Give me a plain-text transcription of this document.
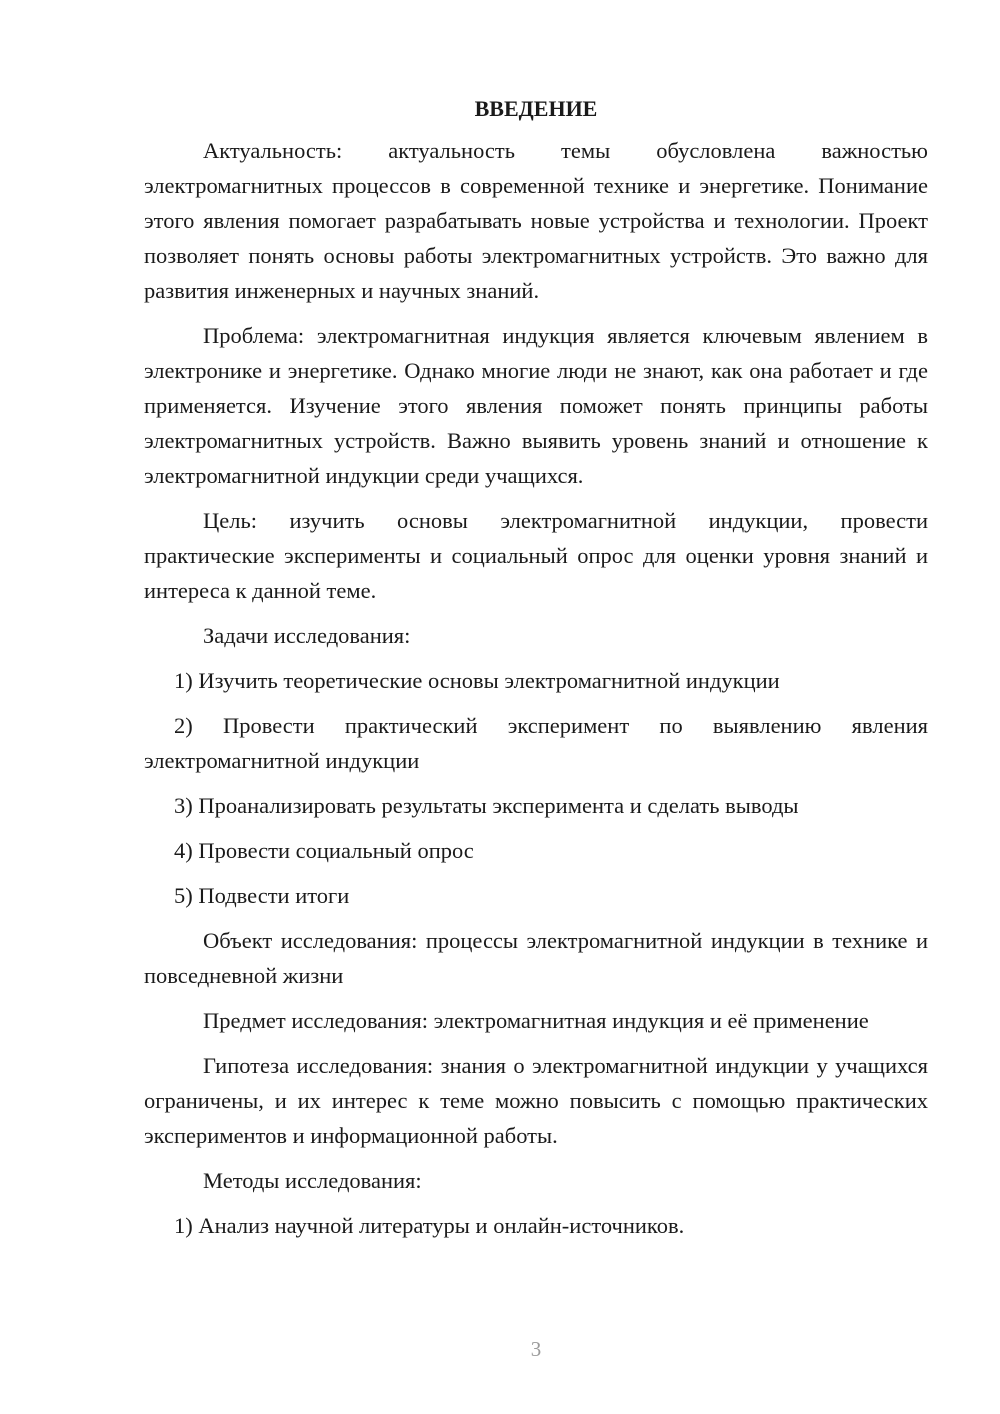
ВВЕДЕНИЕ

Актуальность: актуальность темы обусловлена важностью электромагнитных процессов в современной технике и энергетике. Понимание этого явления помогает разрабатывать новые устройства и технологии. Проект позволяет понять основы работы электромагнитных устройств. Это важно для развития инженерных и научных знаний.

Проблема: электромагнитная индукция является ключевым явлением в электронике и энергетике. Однако многие люди не знают, как она работает и где применяется. Изучение этого явления поможет понять принципы работы электромагнитных устройств. Важно выявить уровень знаний и отношение к электромагнитной индукции среди учащихся.

Цель: изучить основы электромагнитной индукции, провести практические эксперименты и социальный опрос для оценки уровня знаний и интереса к данной теме.

Задачи исследования:

1) Изучить теоретические основы электромагнитной индукции

2) Провести практический эксперимент по выявлению явления электромагнитной индукции

3) Проанализировать результаты эксперимента и сделать выводы

4) Провести социальный опрос

5) Подвести итоги

Объект исследования: процессы электромагнитной индукции в технике и повседневной жизни

Предмет исследования: электромагнитная индукция и её применение

Гипотеза исследования: знания о электромагнитной индукции у учащихся ограничены, и их интерес к теме можно повысить с помощью практических экспериментов и информационной работы.

Методы исследования:

1) Анализ научной литературы и онлайн-источников.

3
